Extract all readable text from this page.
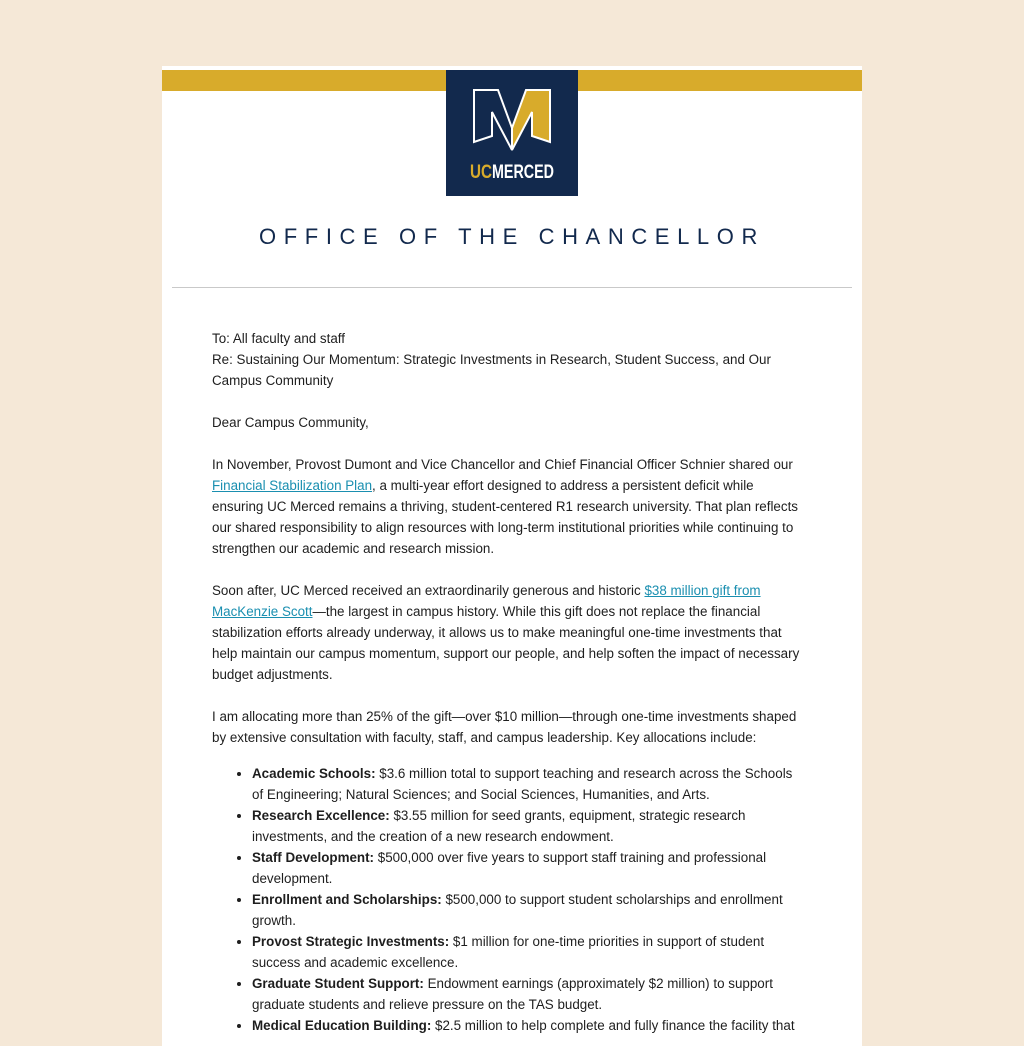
UC MERCED
OFFICE OF THE CHANCELLOR

To: All faculty and staff
Re: Sustaining Our Momentum: Strategic Investments in Research, Student Success, and Our Campus Community

Dear Campus Community,

In November, Provost Dumont and Vice Chancellor and Chief Financial Officer Schnier shared our Financial Stabilization Plan, a multi-year effort designed to address a persistent deficit while ensuring UC Merced remains a thriving, student-centered R1 research university. That plan reflects our shared responsibility to align resources with long-term institutional priorities while continuing to strengthen our academic and research mission.

Soon after, UC Merced received an extraordinarily generous and historic $38 million gift from MacKenzie Scott—the largest in campus history. While this gift does not replace the financial stabilization efforts already underway, it allows us to make meaningful one-time investments that help maintain our campus momentum, support our people, and help soften the impact of necessary budget adjustments.

I am allocating more than 25% of the gift—over $10 million—through one-time investments shaped by extensive consultation with faculty, staff, and campus leadership. Key allocations include:

• Academic Schools: $3.6 million total to support teaching and research across the Schools of Engineering; Natural Sciences; and Social Sciences, Humanities, and Arts.
• Research Excellence: $3.55 million for seed grants, equipment, strategic research investments, and the creation of a new research endowment.
• Staff Development: $500,000 over five years to support staff training and professional development.
• Enrollment and Scholarships: $500,000 to support student scholarships and enrollment growth.
• Provost Strategic Investments: $1 million for one-time priorities in support of student success and academic excellence.
• Graduate Student Support: Endowment earnings (approximately $2 million) to support graduate students and relieve pressure on the TAS budget.
• Medical Education Building: $2.5 million to help complete and fully finance the facility that
